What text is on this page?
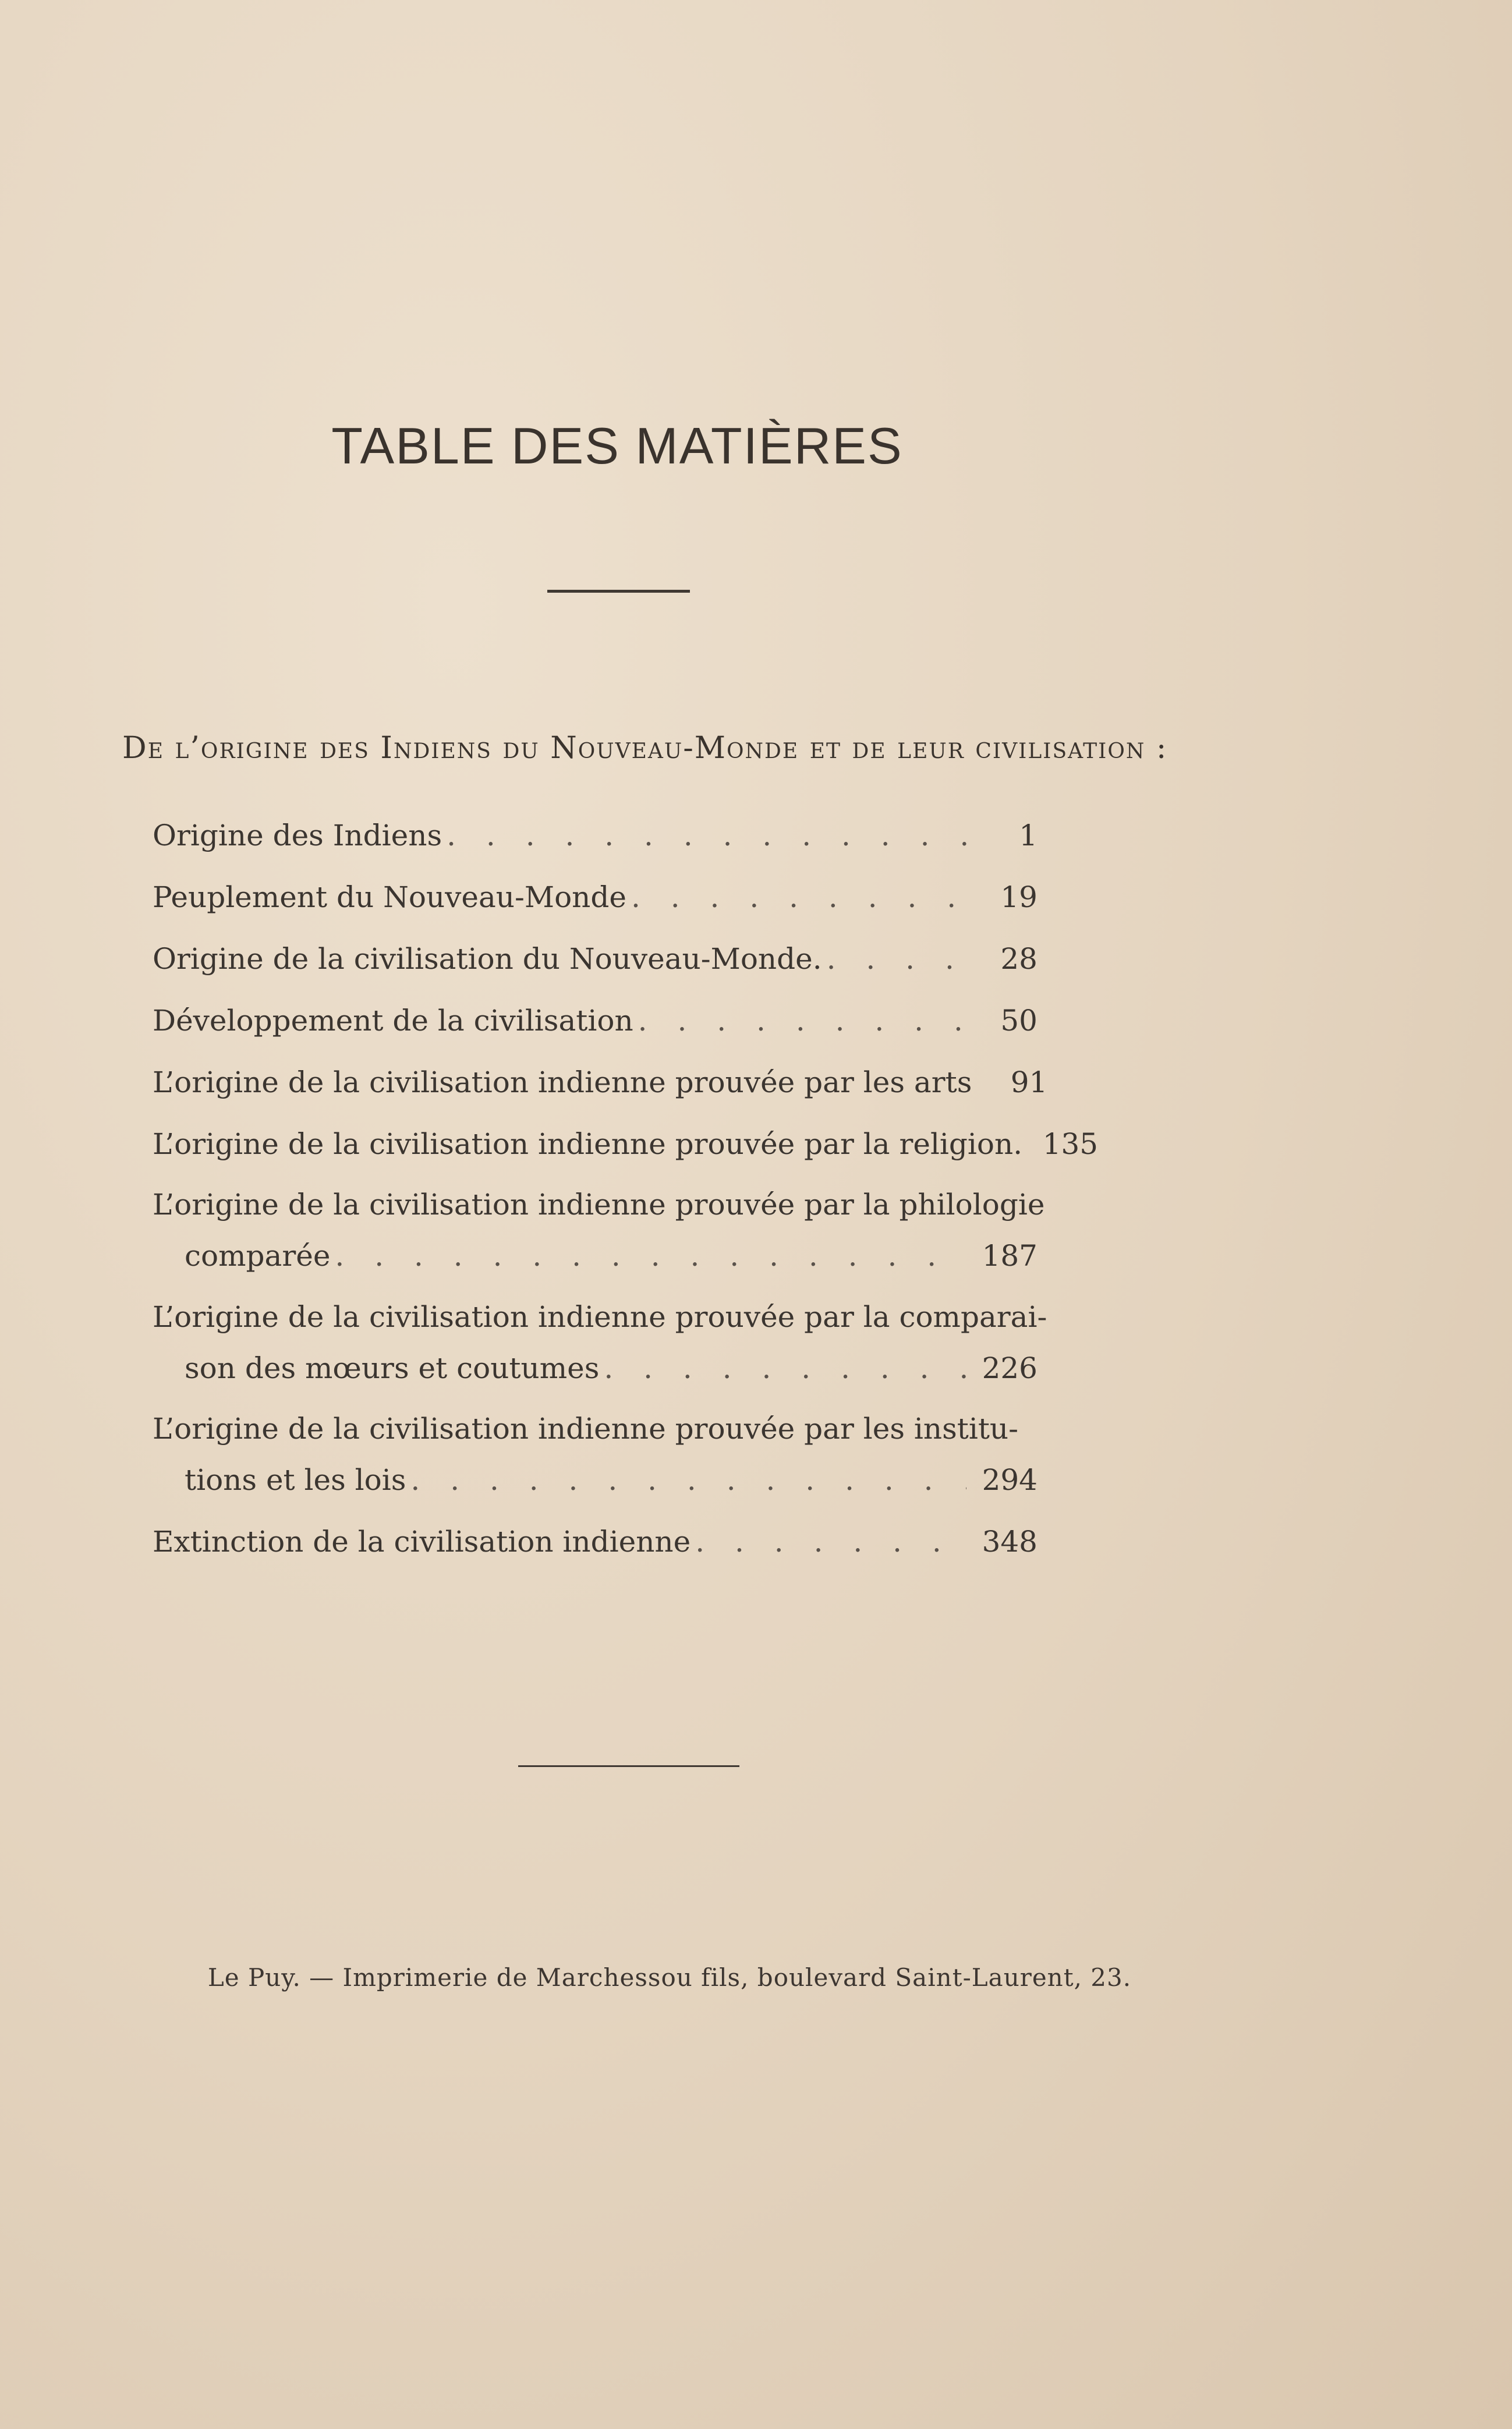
TABLE DES MATIÈRES
De l’origine des Indiens du Nouveau-Monde et de leur civilisation :
Origine des Indiens . . .	1
Peuplement du Nouveau-Monde . . .	19
Origine de la civilisation du Nouveau-Monde. . . .	28
Développement de la civilisation . . .	50
L’origine de la civilisation indienne prouvée par les arts	91
L’origine de la civilisation indienne prouvée par la religion. 135
L’origine de la civilisation indienne prouvée par la philologie
comparée . . .	187
L’origine de la civilisation indienne prouvée par la comparai-
son des mœurs et coutumes . . .	226
L’origine de la civilisation indienne prouvée par les institu-
tions et les lois . . .	294
Extinction de la civilisation indienne . . .	348
Le Puy. — Imprimerie de Marchessou fils, boulevard Saint-Laurent, 23.
